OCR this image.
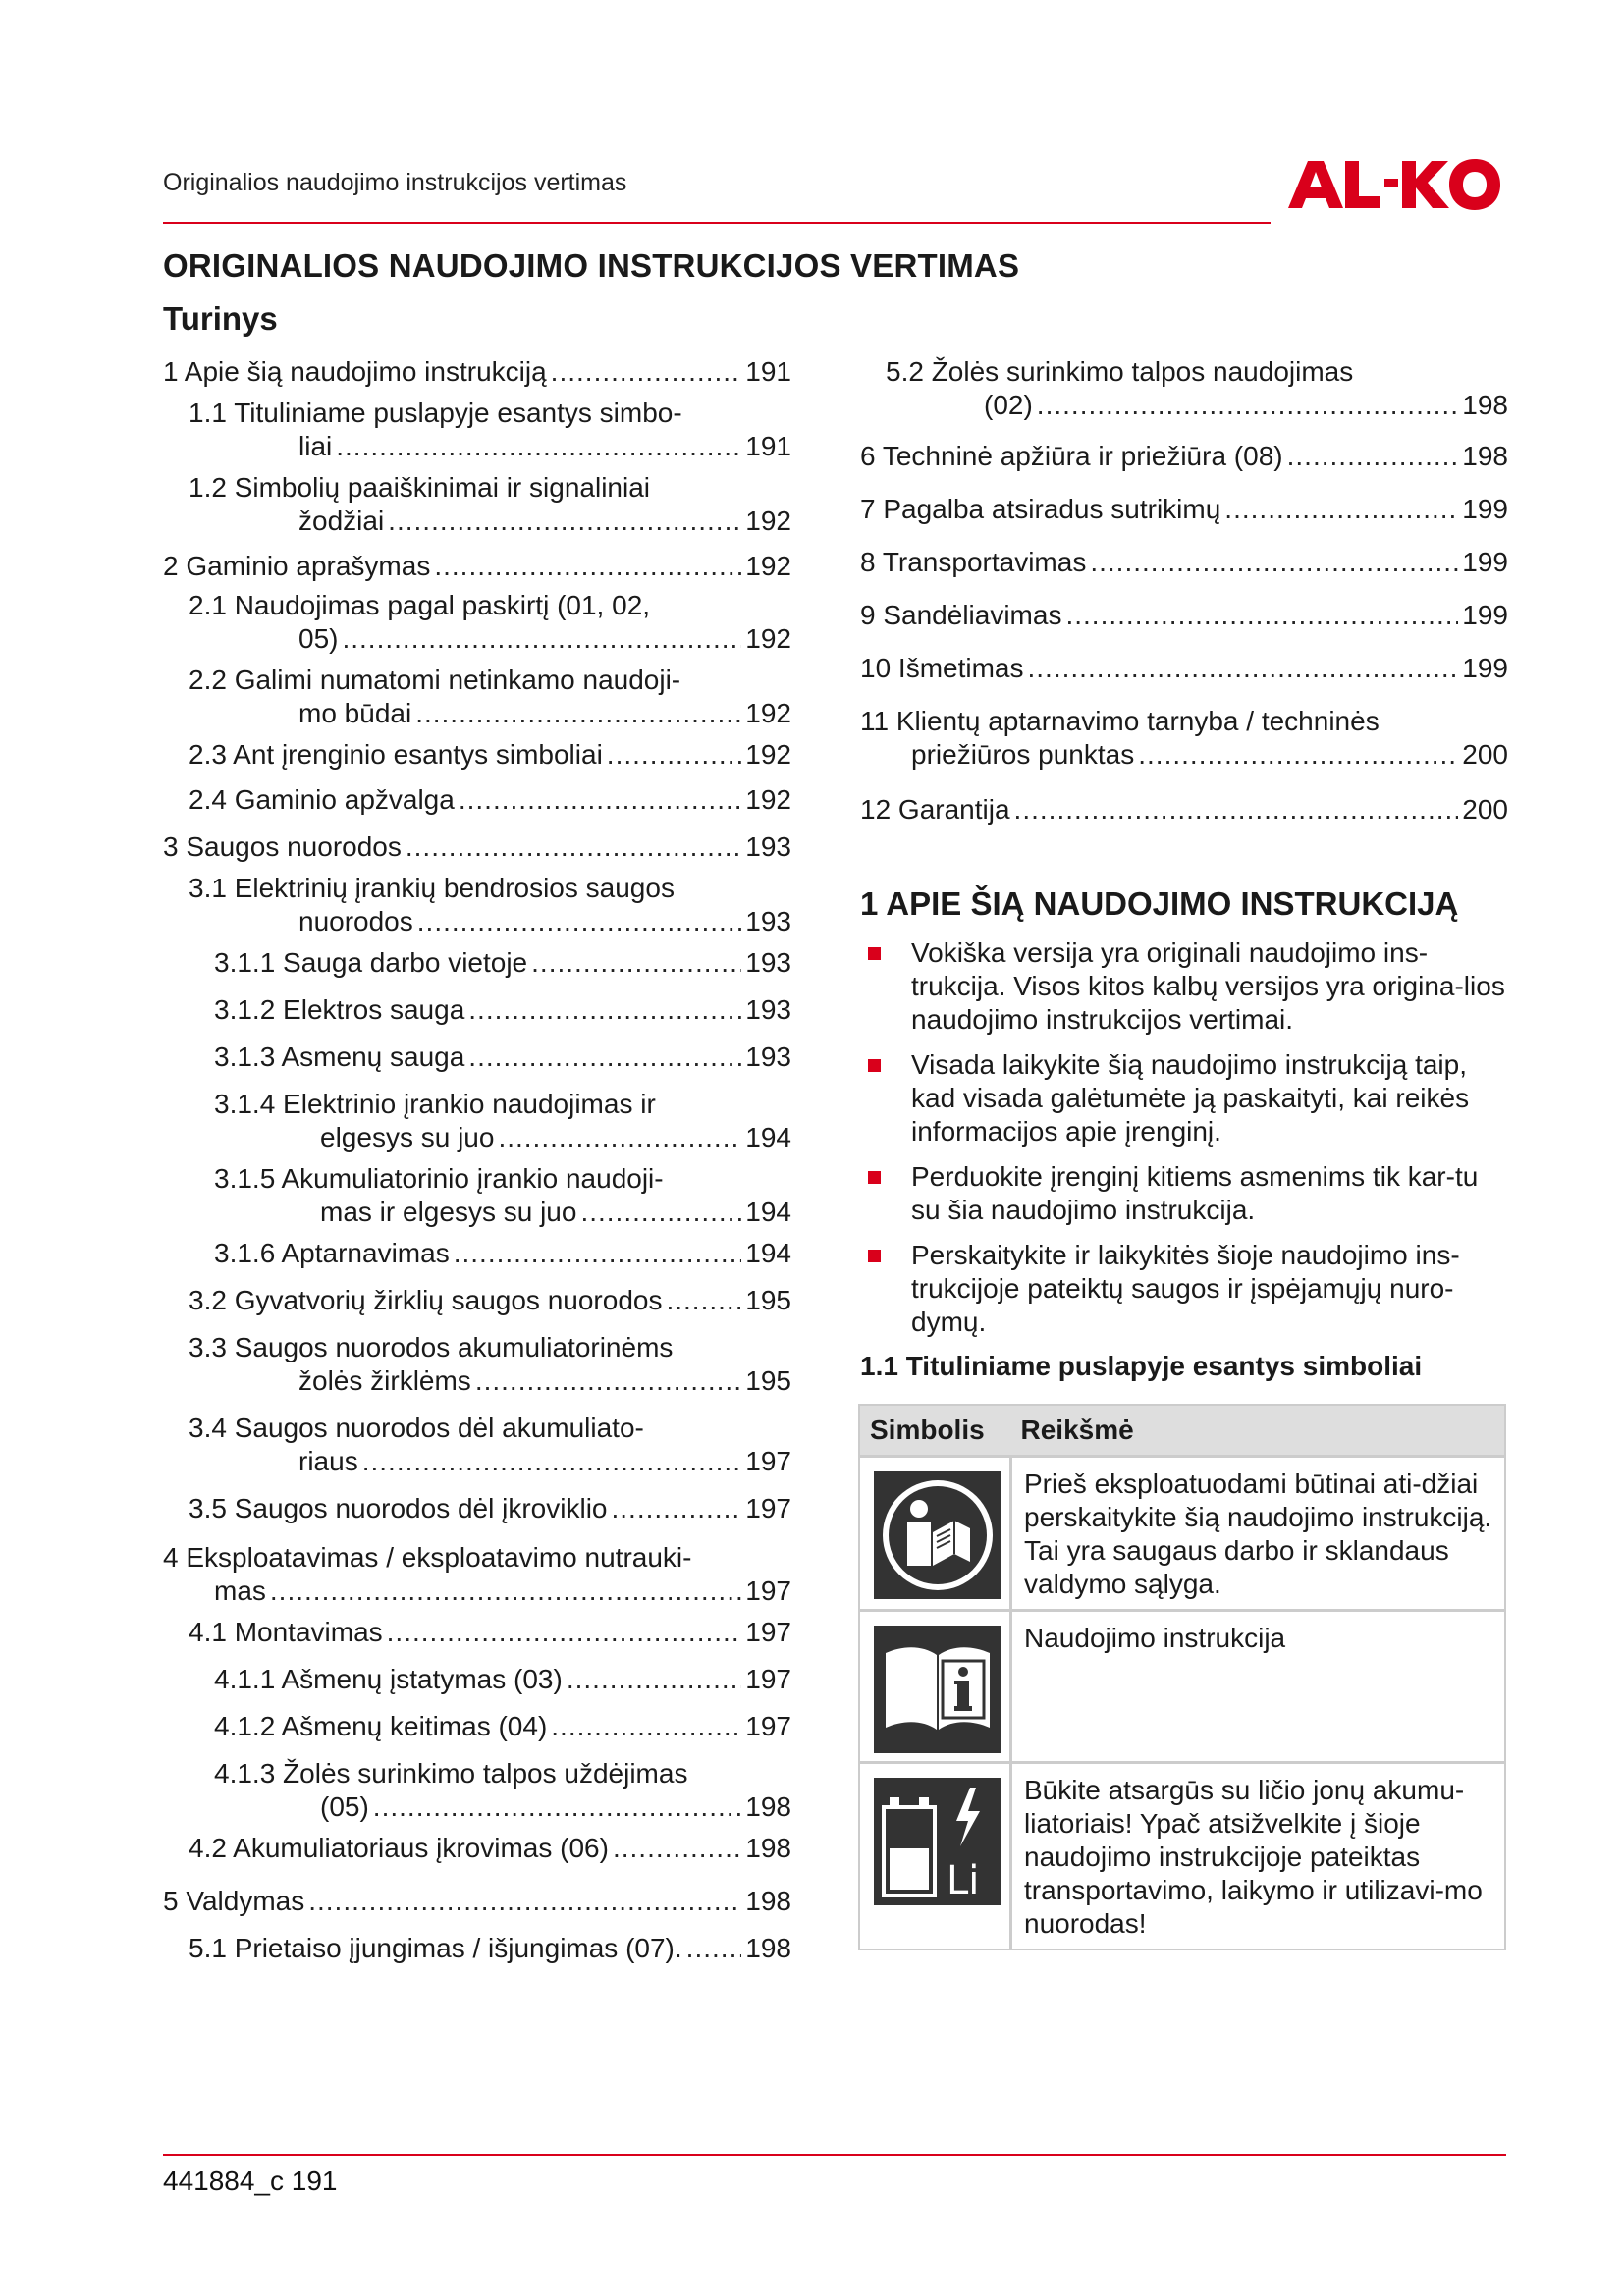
Originalios naudojimo instrukcijos vertimas
ORIGINALIOS NAUDOJIMO INSTRUKCIJOS VERTIMAS
Turinys
1 Apie šią naudojimo instrukciją .....	191
1.1 Tituliniame puslapyje esantys simbo-
liai .....	191
1.2 Simbolių paaiškinimai ir signaliniai
žodžiai .....	192
2 Gaminio aprašymas .....	192
2.1 Naudojimas pagal paskirtį (01, 02,
05) .....	192
2.2 Galimi numatomi netinkamo naudoji-
mo būdai .....	192
2.3 Ant įrenginio esantys simboliai .....	192
2.4 Gaminio apžvalga .....	192
3 Saugos nuorodos .....	193
3.1 Elektrinių įrankių bendrosios saugos
nuorodos .....	193
3.1.1 Sauga darbo vietoje .....	193
3.1.2 Elektros sauga .....	193
3.1.3 Asmenų sauga .....	193
3.1.4 Elektrinio įrankio naudojimas ir
elgesys su juo .....	194
3.1.5 Akumuliatorinio įrankio naudoji-
mas ir elgesys su juo .....	194
3.1.6 Aptarnavimas .....	194
3.2 Gyvatvorių žirklių saugos nuorodos .....	195
3.3 Saugos nuorodos akumuliatorinėms
žolės žirklėms .....	195
3.4 Saugos nuorodos dėl akumuliato-
riaus .....	197
3.5 Saugos nuorodos dėl įkroviklio .....	197
4 Eksploatavimas / eksploatavimo nutrauki-
mas .....	197
4.1 Montavimas .....	197
4.1.1 Ašmenų įstatymas (03) .....	197
4.1.2 Ašmenų keitimas (04) .....	197
4.1.3 Žolės surinkimo talpos uždėjimas
(05) .....	198
4.2 Akumuliatoriaus įkrovimas (06) .....	198
5 Valdymas .....	198
5.1 Prietaiso įjungimas / išjungimas (07). ..... 198
5.2 Žolės surinkimo talpos naudojimas
(02) .....	198
6 Techninė apžiūra ir priežiūra (08) .....	198
7 Pagalba atsiradus sutrikimų .....	199
8 Transportavimas .....	199
9 Sandėliavimas .....	199
10 Išmetimas .....	199
11 Klientų aptarnavimo tarnyba / techninės
priežiūros punktas .....	200
12 Garantija .....	200
1 APIE ŠIĄ NAUDOJIMO INSTRUKCIJĄ
Vokiška versija yra originali naudojimo ins-trukcija. Visos kitos kalbų versijos yra origina-lios naudojimo instrukcijos vertimai.
Visada laikykite šią naudojimo instrukciją taip, kad visada galėtumėte ją paskaityti, kai reikės informacijos apie įrenginį.
Perduokite įrenginį kitiems asmenims tik kar-tu su šia naudojimo instrukcija.
Perskaitykite ir laikykitės šioje naudojimo ins-trukcijoje pateiktų saugos ir įspėjamųjų nuro-dymų.
1.1 Tituliniame puslapyje esantys simboliai
Simbolis	Reikšmė

	Prieš eksploatuodami būtinai ati-džiai perskaitykite šią naudojimo instrukciją. Tai yra saugaus darbo ir sklandaus valdymo sąlyga.

	Naudojimo instrukcija

Li	Būkite atsargūs su ličio jonų akumu-liatoriais! Ypač atsižvelkite į šioje naudojimo instrukcijoje pateiktas transportavimo, laikymo ir utilizavi-mo nuorodas!
441884_c 191
